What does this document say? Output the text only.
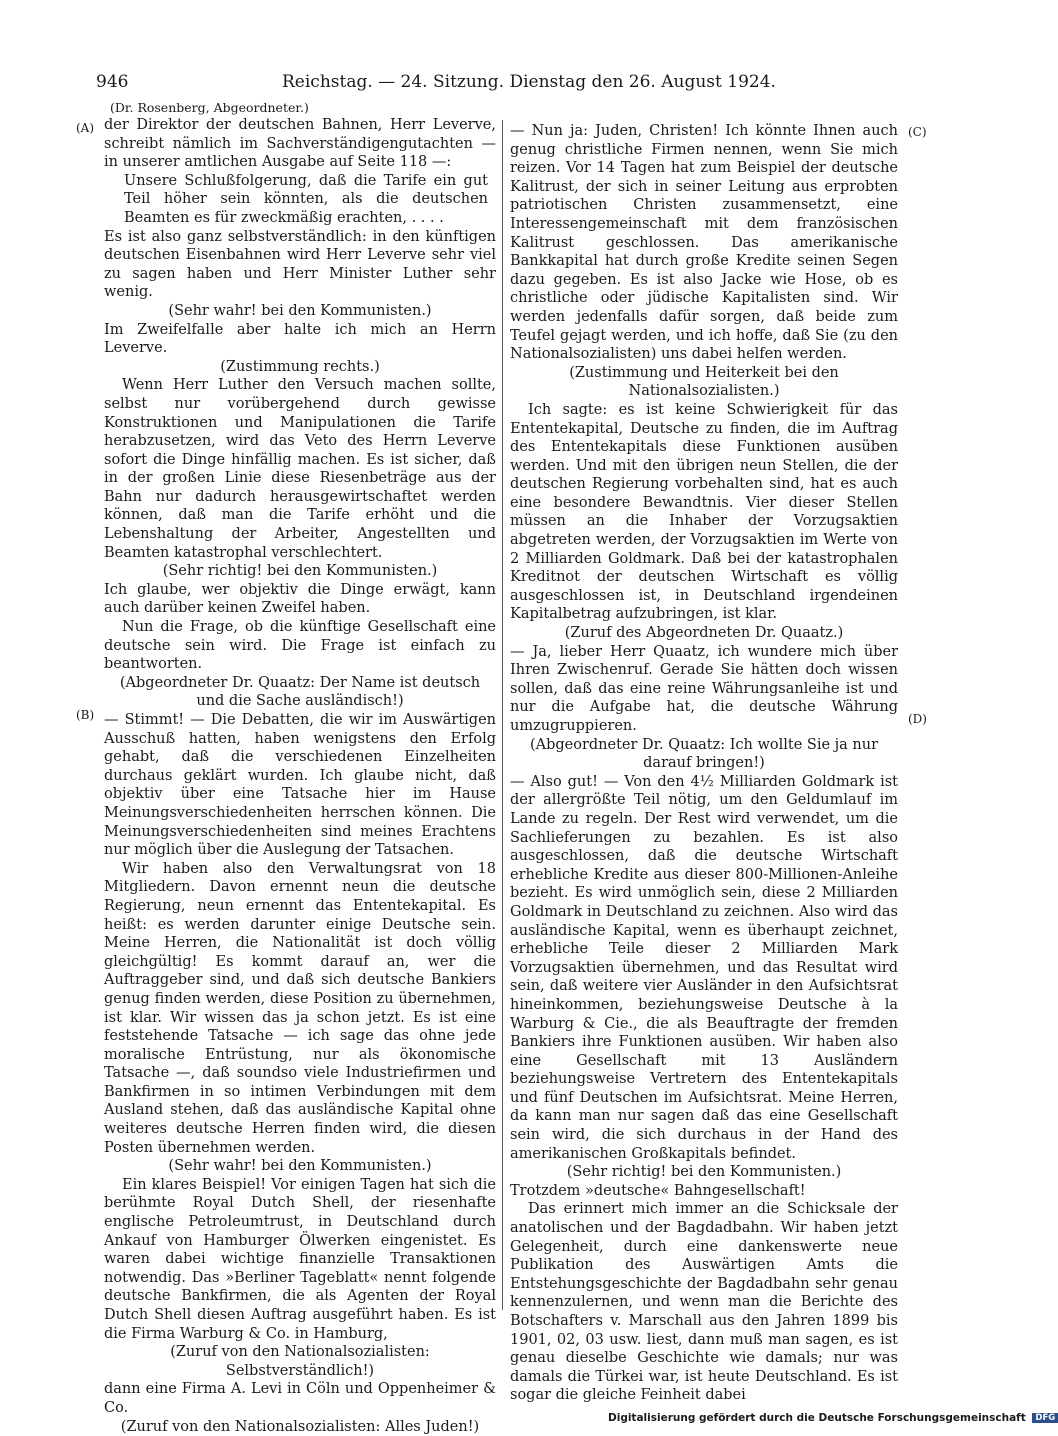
946	Reichstag. — 24. Sitzung. Dienstag den 26. August 1924.
(Dr. Rosenberg, Abgeordneter.)
(A)
(B)
(C)
(D)

der Direktor der deutschen Bahnen, Herr Leverve, schreibt nämlich im Sachverständigengutachten — in unserer amtlichen Ausgabe auf Seite 118 —:

Unsere Schlußfolgerung, daß die Tarife ein gut Teil höher sein könnten, als die deutschen Beamten es für zweckmäßig erachten, . . . .

Es ist also ganz selbstverständlich: in den künftigen deutschen Eisenbahnen wird Herr Leverve sehr viel zu sagen haben und Herr Minister Luther sehr wenig.

(Sehr wahr! bei den Kommunisten.)

Im Zweifelfalle aber halte ich mich an Herrn Leverve.

(Zustimmung rechts.)

Wenn Herr Luther den Versuch machen sollte, selbst nur vorübergehend durch gewisse Konstruktionen und Manipulationen die Tarife herabzusetzen, wird das Veto des Herrn Leverve sofort die Dinge hinfällig machen. Es ist sicher, daß in der großen Linie diese Riesenbeträge aus der Bahn nur dadurch herausgewirtschaftet werden können, daß man die Tarife erhöht und die Lebenshaltung der Arbeiter, Angestellten und Beamten katastrophal verschlechtert.

(Sehr richtig! bei den Kommunisten.)

Ich glaube, wer objektiv die Dinge erwägt, kann auch darüber keinen Zweifel haben.

Nun die Frage, ob die künftige Gesellschaft eine deutsche sein wird. Die Frage ist einfach zu beantworten.

(Abgeordneter Dr. Quaatz: Der Name ist deutsch und die Sache ausländisch!)

— Stimmt! — Die Debatten, die wir im Auswärtigen Ausschuß hatten, haben wenigstens den Erfolg gehabt, daß die verschiedenen Einzelheiten durchaus geklärt wurden. Ich glaube nicht, daß objektiv über eine Tatsache hier im Hause Meinungsverschiedenheiten herrschen können. Die Meinungsverschiedenheiten sind meines Erachtens nur möglich über die Auslegung der Tatsachen.

Wir haben also den Verwaltungsrat von 18 Mitgliedern. Davon ernennt neun die deutsche Regierung, neun ernennt das Ententekapital. Es heißt: es werden darunter einige Deutsche sein. Meine Herren, die Nationalität ist doch völlig gleichgültig! Es kommt darauf an, wer die Auftraggeber sind, und daß sich deutsche Bankiers genug finden werden, diese Position zu übernehmen, ist klar. Wir wissen das ja schon jetzt. Es ist eine feststehende Tatsache — ich sage das ohne jede moralische Entrüstung, nur als ökonomische Tatsache —, daß soundso viele Industriefirmen und Bankfirmen in so intimen Verbindungen mit dem Ausland stehen, daß das ausländische Kapital ohne weiteres deutsche Herren finden wird, die diesen Posten übernehmen werden.

(Sehr wahr! bei den Kommunisten.)

Ein klares Beispiel! Vor einigen Tagen hat sich die berühmte Royal Dutch Shell, der riesenhafte englische Petroleumtrust, in Deutschland durch Ankauf von Hamburger Ölwerken eingenistet. Es waren dabei wichtige finanzielle Transaktionen notwendig. Das »Berliner Tageblatt« nennt folgende deutsche Bankfirmen, die als Agenten der Royal Dutch Shell diesen Auftrag ausgeführt haben. Es ist die Firma Warburg & Co. in Hamburg,

(Zuruf von den Nationalsozialisten: Selbstverständlich!)

dann eine Firma A. Levi in Cöln und Oppenheimer & Co.

(Zuruf von den Nationalsozialisten: Alles Juden!)

— Nun ja: Juden, Christen! Ich könnte Ihnen auch genug christliche Firmen nennen, wenn Sie mich reizen. Vor 14 Tagen hat zum Beispiel der deutsche Kalitrust, der sich in seiner Leitung aus erprobten patriotischen Christen zusammensetzt, eine Interessengemeinschaft mit dem französischen Kalitrust geschlossen. Das amerikanische Bankkapital hat durch große Kredite seinen Segen dazu gegeben. Es ist also Jacke wie Hose, ob es christliche oder jüdische Kapitalisten sind. Wir werden jedenfalls dafür sorgen, daß beide zum Teufel gejagt werden, und ich hoffe, daß Sie (zu den Nationalsozialisten) uns dabei helfen werden.

(Zustimmung und Heiterkeit bei den Nationalsozialisten.)

Ich sagte: es ist keine Schwierigkeit für das Ententekapital, Deutsche zu finden, die im Auftrag des Ententekapitals diese Funktionen ausüben werden. Und mit den übrigen neun Stellen, die der deutschen Regierung vorbehalten sind, hat es auch eine besondere Bewandtnis. Vier dieser Stellen müssen an die Inhaber der Vorzugsaktien abgetreten werden, der Vorzugsaktien im Werte von 2 Milliarden Goldmark. Daß bei der katastrophalen Kreditnot der deutschen Wirtschaft es völlig ausgeschlossen ist, in Deutschland irgendeinen Kapitalbetrag aufzubringen, ist klar.

(Zuruf des Abgeordneten Dr. Quaatz.)

— Ja, lieber Herr Quaatz, ich wundere mich über Ihren Zwischenruf. Gerade Sie hätten doch wissen sollen, daß das eine reine Währungsanleihe ist und nur die Aufgabe hat, die deutsche Währung umzugruppieren.

(Abgeordneter Dr. Quaatz: Ich wollte Sie ja nur darauf bringen!)

— Also gut! — Von den 4½ Milliarden Goldmark ist der allergrößte Teil nötig, um den Geldumlauf im Lande zu regeln. Der Rest wird verwendet, um die Sachlieferungen zu bezahlen. Es ist also ausgeschlossen, daß die deutsche Wirtschaft erhebliche Kredite aus dieser 800-Millionen-Anleihe bezieht. Es wird unmöglich sein, diese 2 Milliarden Goldmark in Deutschland zu zeichnen. Also wird das ausländische Kapital, wenn es überhaupt zeichnet, erhebliche Teile dieser 2 Milliarden Mark Vorzugsaktien übernehmen, und das Resultat wird sein, daß weitere vier Ausländer in den Aufsichtsrat hineinkommen, beziehungsweise Deutsche à la Warburg & Cie., die als Beauftragte der fremden Bankiers ihre Funktionen ausüben. Wir haben also eine Gesellschaft mit 13 Ausländern beziehungsweise Vertretern des Ententekapitals und fünf Deutschen im Aufsichtsrat. Meine Herren, da kann man nur sagen daß das eine Gesellschaft sein wird, die sich durchaus in der Hand des amerikanischen Großkapitals befindet.

(Sehr richtig! bei den Kommunisten.)

Trotzdem »deutsche« Bahngesellschaft!

Das erinnert mich immer an die Schicksale der anatolischen und der Bagdadbahn. Wir haben jetzt Gelegenheit, durch eine dankenswerte neue Publikation des Auswärtigen Amts die Entstehungsgeschichte der Bagdadbahn sehr genau kennenzulernen, und wenn man die Berichte des Botschafters v. Marschall aus den Jahren 1899 bis 1901, 02, 03 usw. liest, dann muß man sagen, es ist genau dieselbe Geschichte wie damals; nur was damals die Türkei war, ist heute Deutschland. Es ist sogar die gleiche Feinheit dabei

Digitalisierung gefördert durch die Deutsche Forschungsgemeinschaft DFG
